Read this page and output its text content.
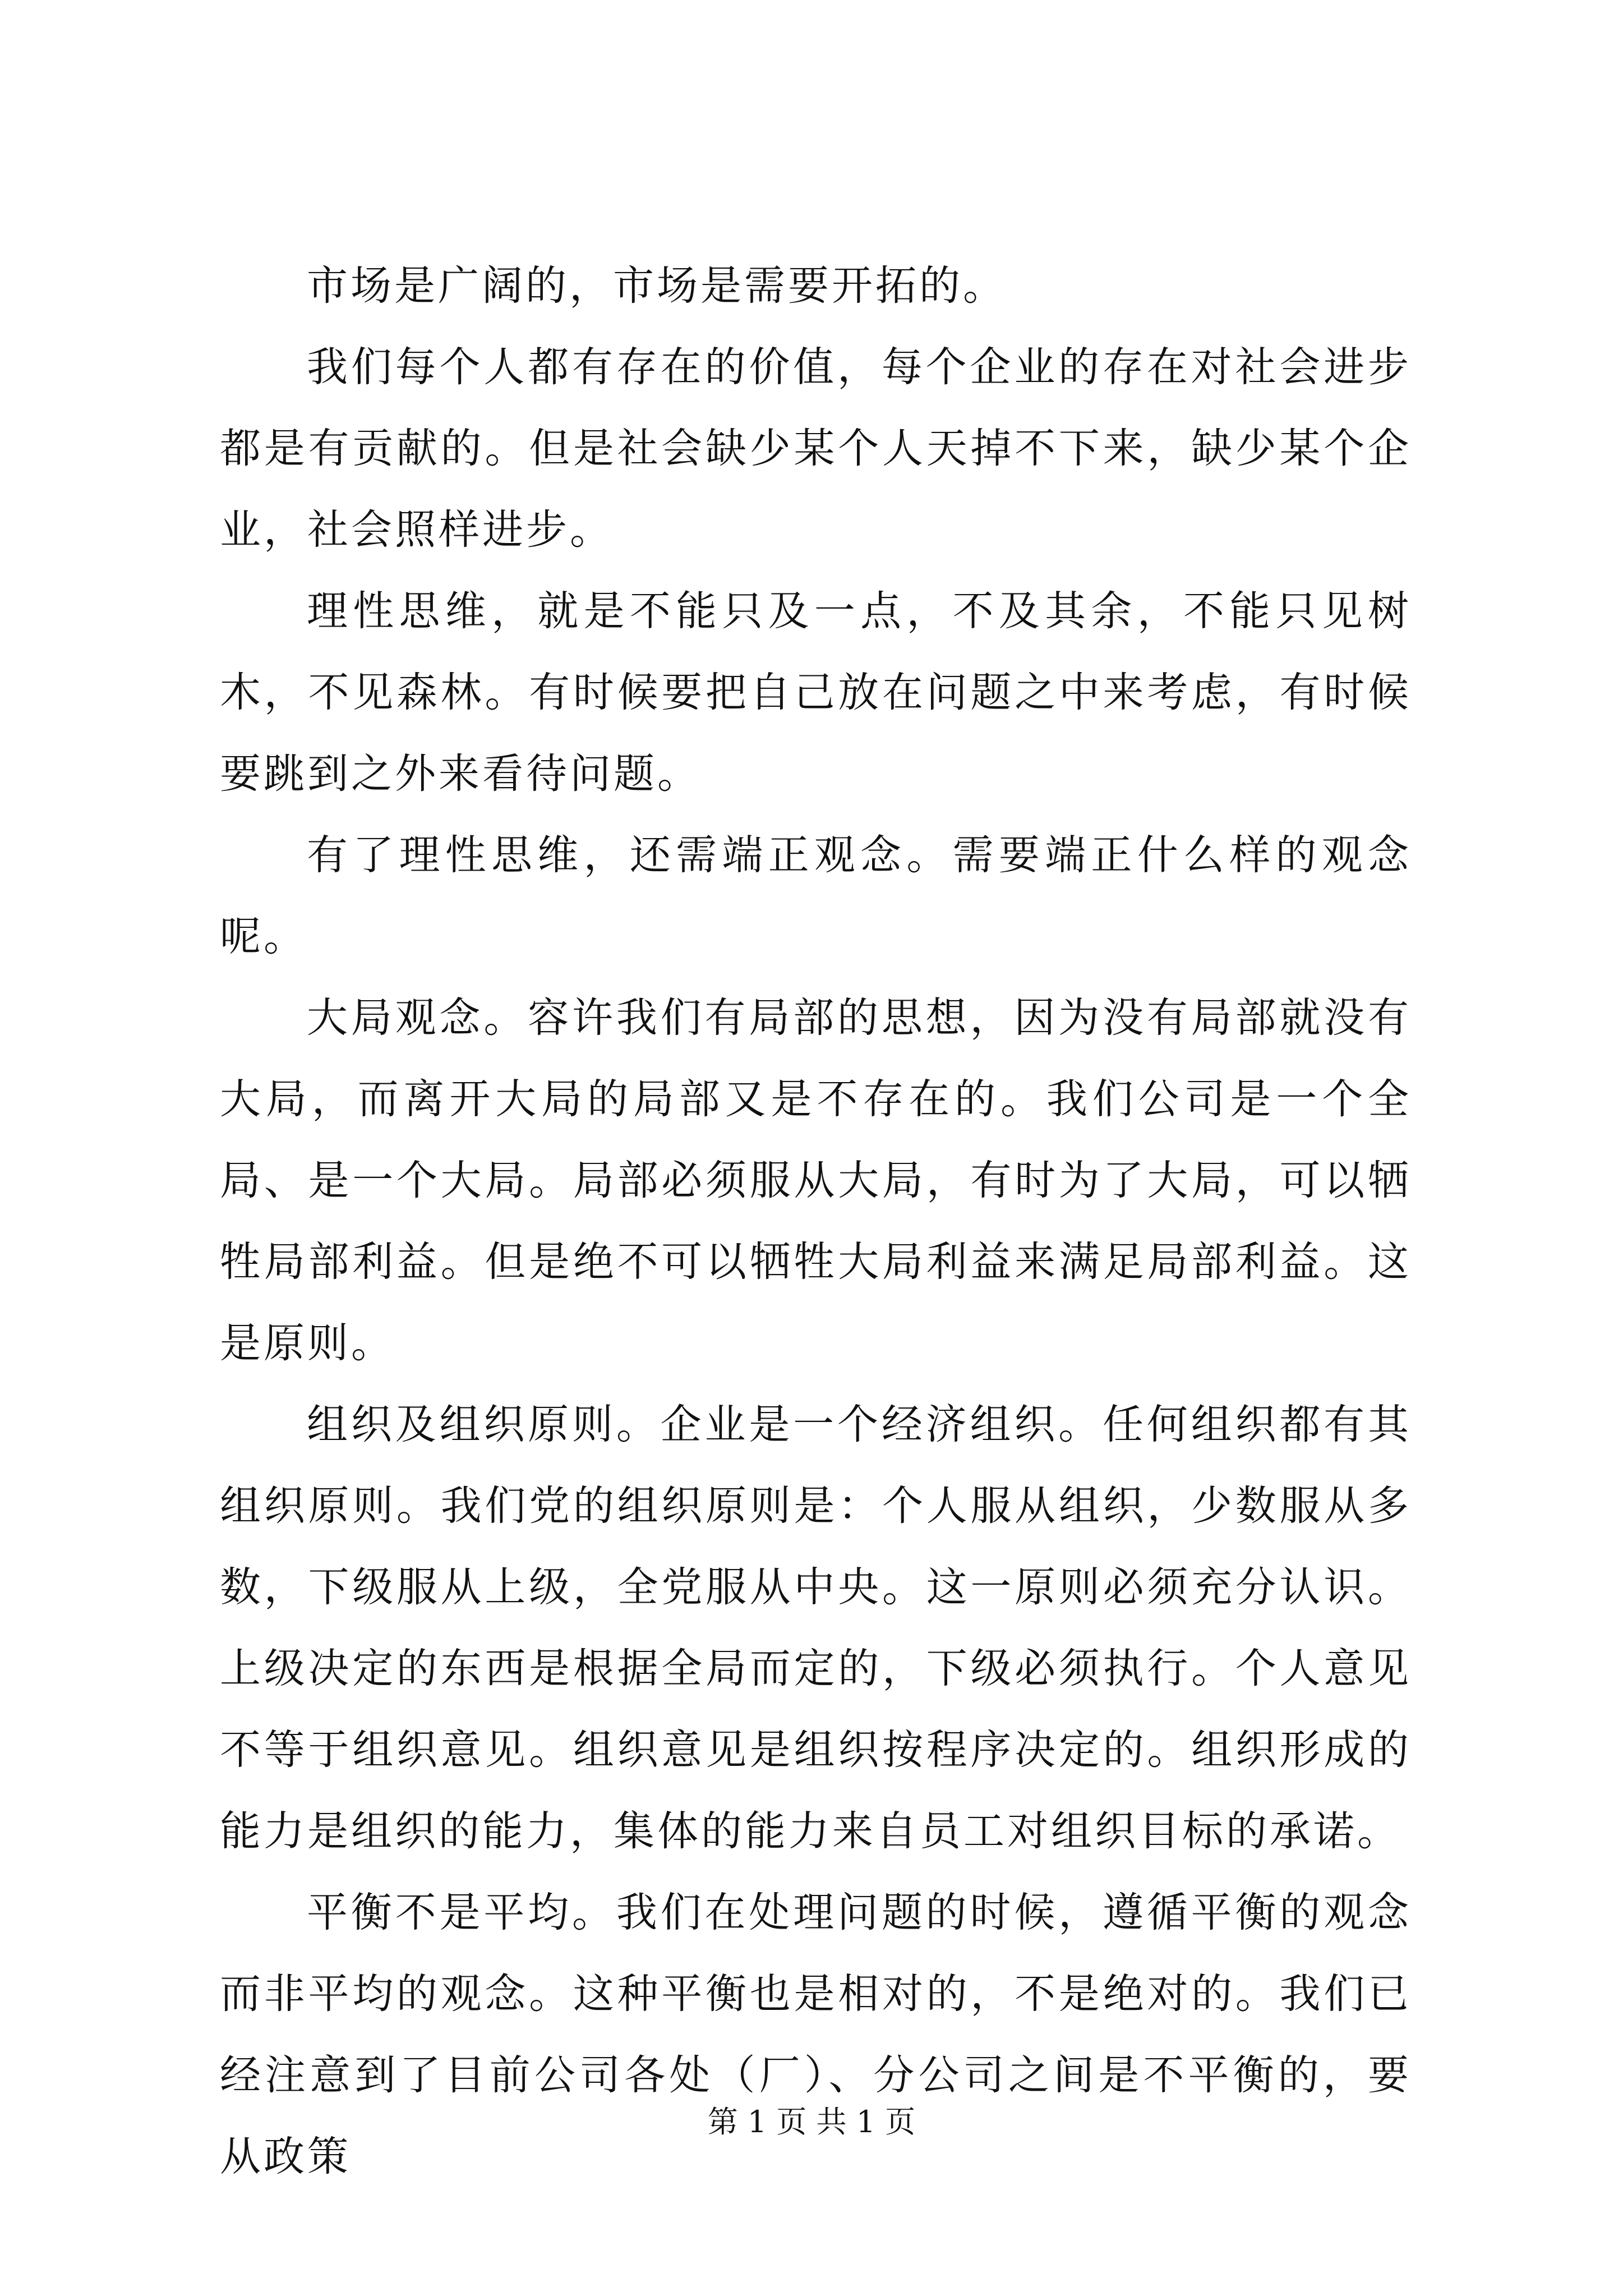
市场是广阔的，市场是需要开拓的。

我们每个人都有存在的价值，每个企业的存在对社会进步都是有贡献的。但是社会缺少某个人天掉不下来，缺少某个企业，社会照样进步。

理性思维，就是不能只及一点，不及其余，不能只见树木，不见森林。有时候要把自己放在问题之中来考虑，有时候要跳到之外来看待问题。

有了理性思维，还需端正观念。需要端正什么样的观念呢。

大局观念。容许我们有局部的思想，因为没有局部就没有大局，而离开大局的局部又是不存在的。我们公司是一个全局、是一个大局。局部必须服从大局，有时为了大局，可以牺牲局部利益。但是绝不可以牺牲大局利益来满足局部利益。这是原则。

组织及组织原则。企业是一个经济组织。任何组织都有其组织原则。我们党的组织原则是：个人服从组织，少数服从多数，下级服从上级，全党服从中央。这一原则必须充分认识。上级决定的东西是根据全局而定的，下级必须执行。个人意见不等于组织意见。组织意见是组织按程序决定的。组织形成的能力是组织的能力，集体的能力来自员工对组织目标的承诺。

平衡不是平均。我们在处理问题的时候，遵循平衡的观念而非平均的观念。这种平衡也是相对的，不是绝对的。我们已经注意到了目前公司各处（厂）、分公司之间是不平衡的，要从政策

第 1 页 共 1 页
